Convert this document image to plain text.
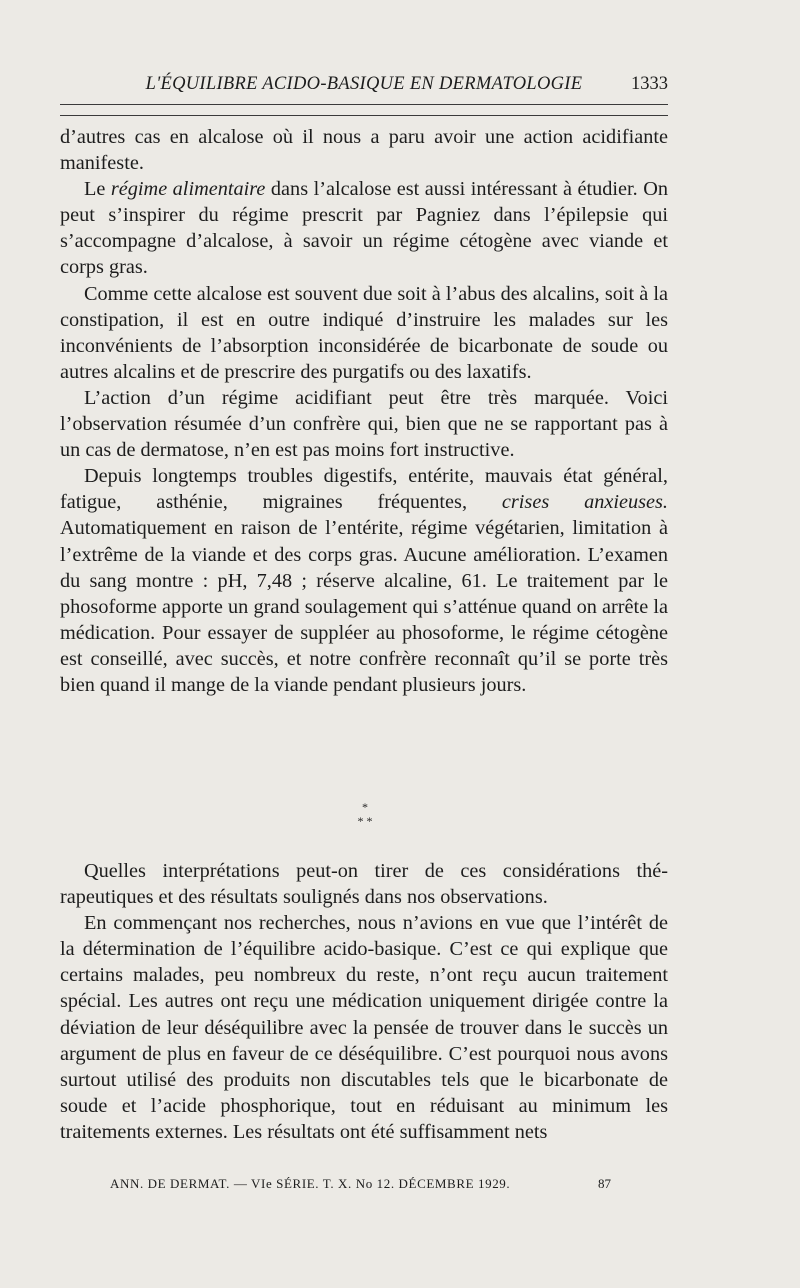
L'ÉQUILIBRE ACIDO-BASIQUE EN DERMATOLOGIE	1333

d’autres cas en alcalose où il nous a paru avoir une action acidifiante manifeste.

Le régime alimentaire dans l’alcalose est aussi intéressant à étudier. On peut s’inspirer du régime prescrit par Pagniez dans l’épilepsie qui s’accompagne d’alcalose, à savoir un régime cétogène avec viande et corps gras.

Comme cette alcalose est souvent due soit à l’abus des alcalins, soit à la constipation, il est en outre indiqué d’instruire les malades sur les inconvénients de l’absorption inconsidérée de bicarbonate de soude ou autres alcalins et de prescrire des purgatifs ou des laxatifs.

L’action d’un régime acidifiant peut être très marquée. Voici l’observation résumée d’un confrère qui, bien que ne se rapportant pas à un cas de dermatose, n’en est pas moins fort instructive.

Depuis longtemps troubles digestifs, entérite, mauvais état général, fatigue, asthénie, migraines fréquentes, crises anxieuses. Automatiquement en raison de l’entérite, régime végétarien, limitation à l’extrême de la viande et des corps gras. Aucune amélioration. L’examen du sang montre : pH, 7,48 ; réserve alcaline, 61. Le traitement par le phosoforme apporte un grand soulagement qui s’atténue quand on arrête la médication. Pour essayer de suppléer au phosoforme, le régime cétogène est conseillé, avec succès, et notre confrère reconnaît qu’il se porte très bien quand il mange de la viande pendant plusieurs jours.

*
* *

Quelles interprétations peut-on tirer de ces considérations thérapeutiques et des résultats soulignés dans nos observations.

En commençant nos recherches, nous n’avions en vue que l’intérêt de la détermination de l’équilibre acido-basique. C’est ce qui explique que certains malades, peu nombreux du reste, n’ont reçu aucun traitement spécial. Les autres ont reçu une médication uniquement dirigée contre la déviation de leur déséquilibre avec la pensée de trouver dans le succès un argument de plus en faveur de ce déséquilibre. C’est pourquoi nous avons surtout utilisé des produits non discutables tels que le bicarbonate de soude et l’acide phosphorique, tout en réduisant au minimum les traitements externes. Les résultats ont été suffisamment nets

ANN. DE DERMAT. — VIe SÉRIE. T. X. No 12. DÉCEMBRE 1929.	87
